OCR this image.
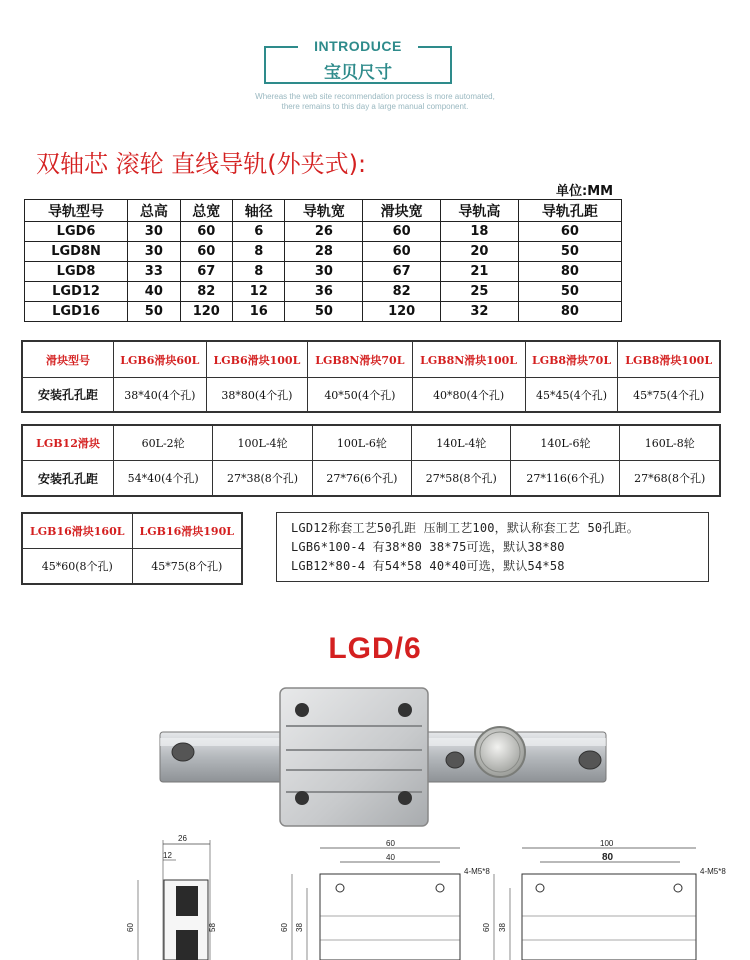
INTRODUCE
宝贝尺寸
Whereas the web site recommendation process is more automated,
there remains to this day a large manual component.
双轴芯 滚轮 直线导轨(外夹式):
单位:MM
导轨型号	总高	总宽	轴径	导轨宽	滑块宽	导轨高	导轨孔距
LGD6	30	60	6	26	60	18	60
LGD8N	30	60	8	28	60	20	50
LGD8	33	67	8	30	67	21	80
LGD12	40	82	12	36	82	25	50
LGD16	50	120	16	50	120	32	80
滑块型号	LGB6滑块60L	LGB6滑块100L	LGB8N滑块70L	LGB8N滑块100L	LGB8滑块70L	LGB8滑块100L
安装孔孔距	38*40(4个孔)	38*80(4个孔)	40*50(4个孔)	40*80(4个孔)	45*45(4个孔)	45*75(4个孔)
LGB12滑块	60L-2轮	100L-4轮	100L-6轮	140L-4轮	140L-6轮	160L-8轮
安装孔孔距	54*40(4个孔)	27*38(8个孔)	27*76(6个孔)	27*58(8个孔)	27*116(6个孔)	27*68(8个孔)
LGB16滑块160L	LGB16滑块190L
45*60(8个孔)	45*75(8个孔)
LGD12称套工艺50孔距 压制工艺100，默认称套工艺 50孔距。
LGB6*100-4 有38*80 38*75可选，默认38*80
LGB12*80-4 有54*58 40*40可选，默认54*58
LGD/6
26
12
60	58
60
40
4-M5*8
60 38
100
80
4-M5*8
60 38
